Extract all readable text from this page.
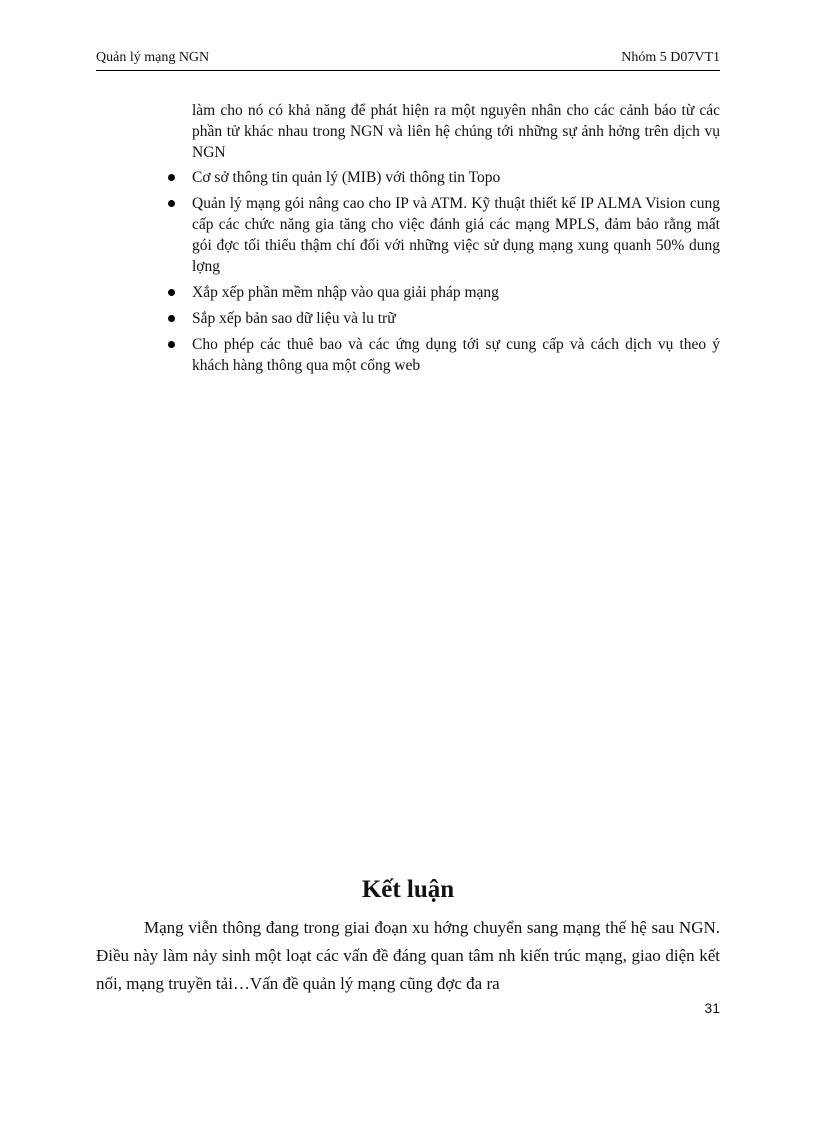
Quản lý mạng NGN	Nhóm 5 D07VT1
làm cho nó có khả năng để phát hiện ra một nguyên nhân cho các cảnh báo từ các phần tử khác nhau trong NGN và liên hệ chúng tới những sự ảnh hởng trên dịch vụ NGN
Cơ sở thông tin quản lý (MIB) với thông tin Topo
Quản lý mạng gói nâng cao cho IP và ATM. Kỹ thuật thiết kế IP ALMA Vision cung cấp các chức năng gia tăng cho việc đánh giá các mạng MPLS, đảm bảo rằng mất gói đợc tối thiểu thậm chí đối với những việc sử dụng mạng xung quanh 50% dung lợng
Xắp xếp phần mềm nhập vào qua giải pháp mạng
Sắp xếp bản sao dữ liệu và lu trữ
Cho phép các thuê bao và các ứng dụng tới sự cung cấp và cách dịch vụ theo ý khách hàng thông qua một cổng web
Kết luận

Mạng viễn thông đang trong giai đoạn xu hớng chuyển sang mạng thế hệ sau NGN. Điều này làm nảy sinh một loạt các vấn đề đáng quan tâm nh kiến trúc mạng, giao diện kết nối, mạng truyền tải…Vấn đề quản lý mạng cũng đợc đa ra

31
